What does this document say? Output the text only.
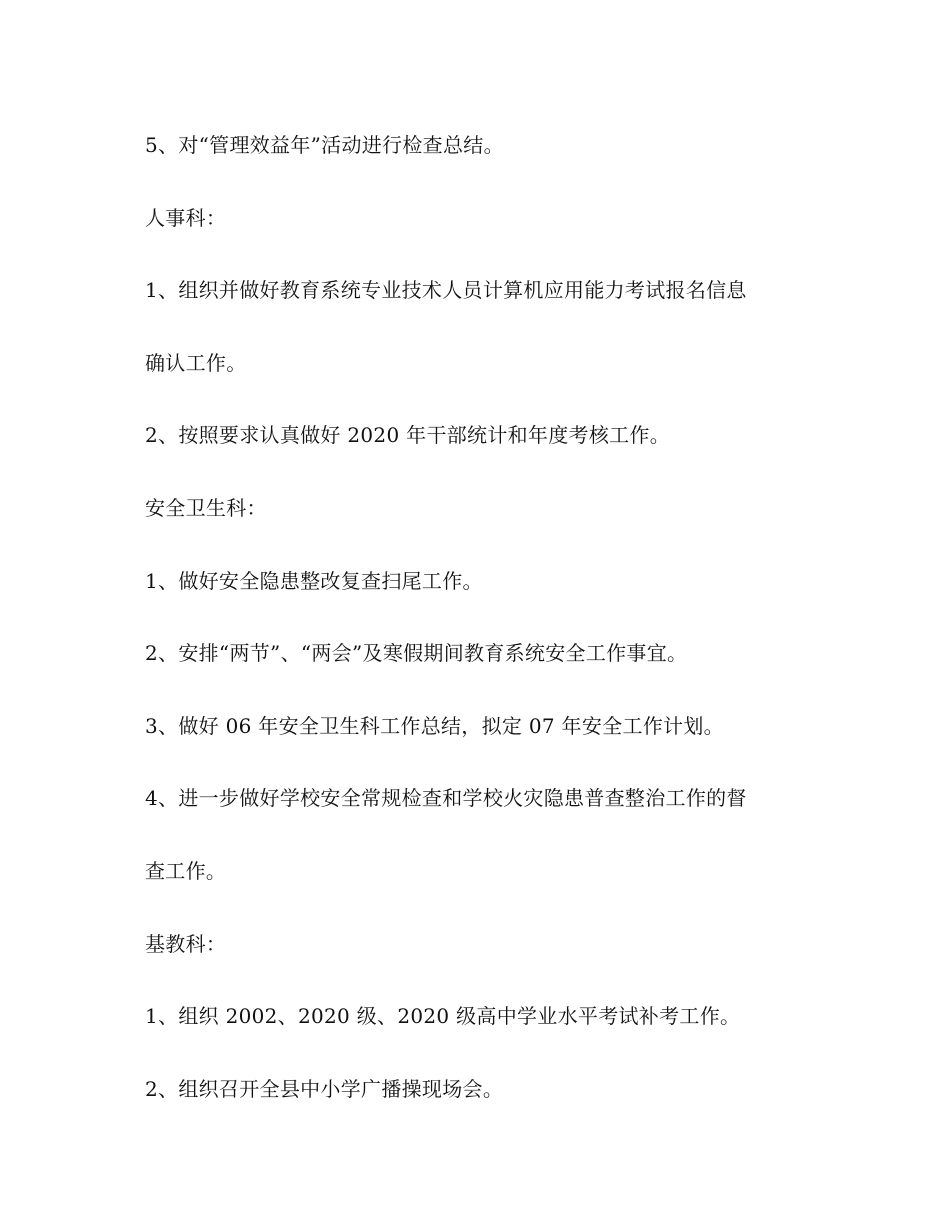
5、对“管理效益年”活动进行检查总结。
人事科：
1、组织并做好教育系统专业技术人员计算机应用能力考试报名信息
确认工作。
2、按照要求认真做好 2020 年干部统计和年度考核工作。
安全卫生科：
1、做好安全隐患整改复查扫尾工作。
2、安排“两节”、“两会”及寒假期间教育系统安全工作事宜。
3、做好 06 年安全卫生科工作总结，拟定 07 年安全工作计划。
4、进一步做好学校安全常规检查和学校火灾隐患普查整治工作的督
查工作。
基教科：
1、组织 2002、2020 级、2020 级高中学业水平考试补考工作。
2、组织召开全县中小学广播操现场会。
